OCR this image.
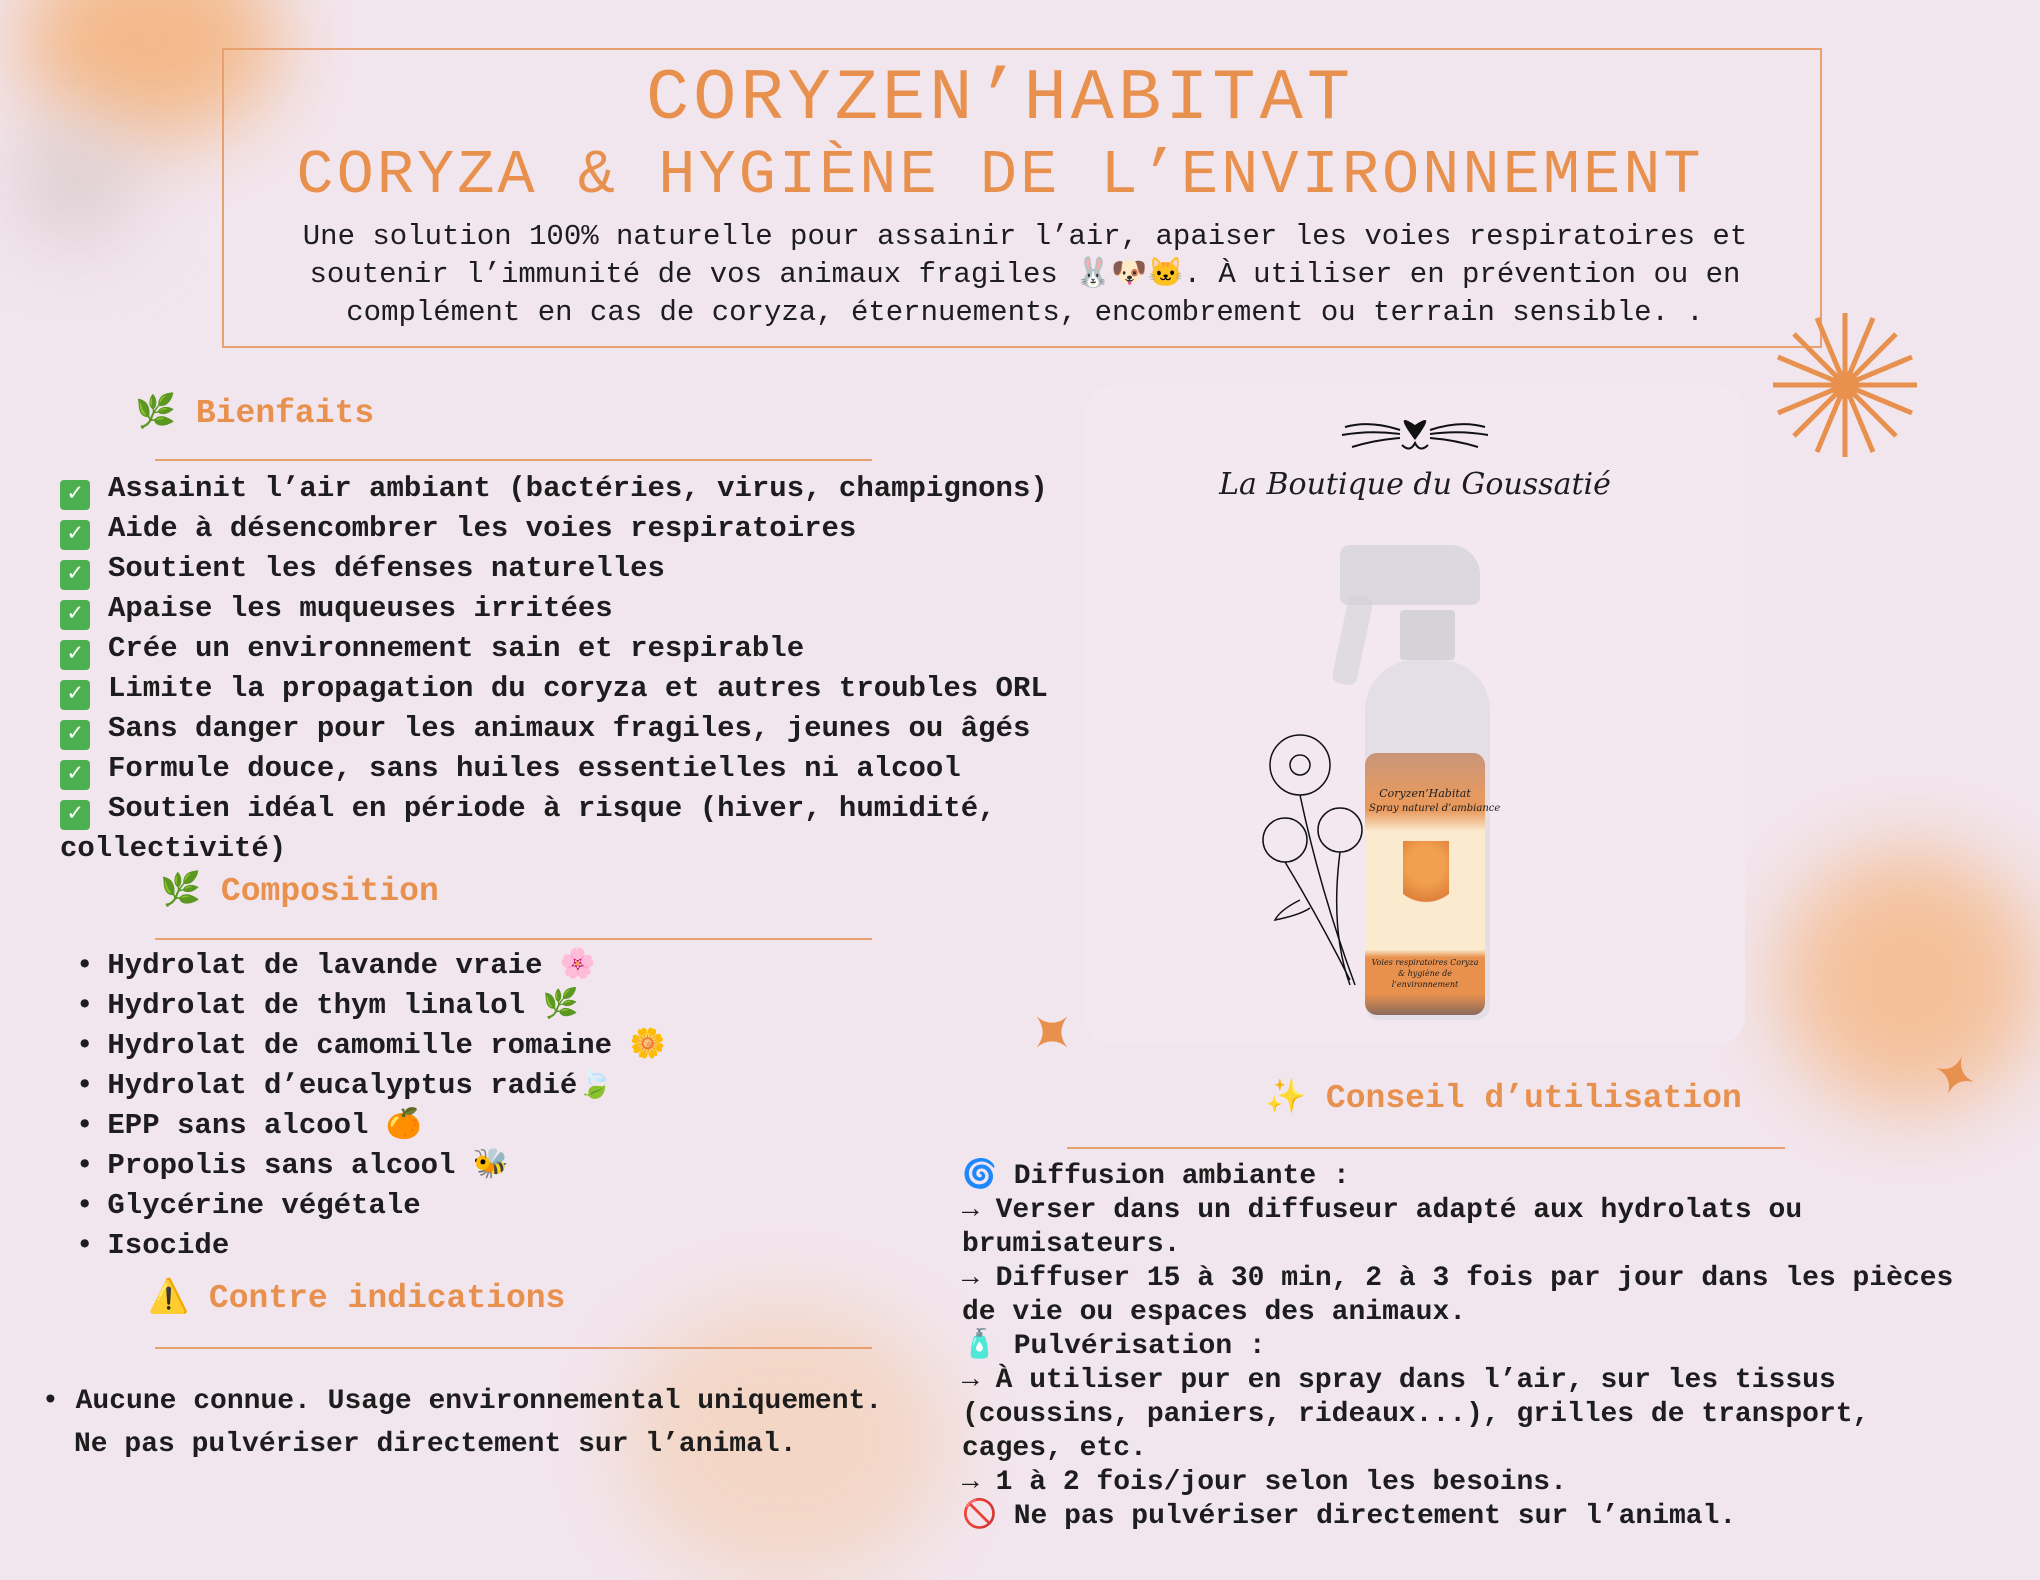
CORYZEN’HABITAT
CORYZA & HYGIÈNE DE L’ENVIRONNEMENT
Une solution 100% naturelle pour assainir l’air, apaiser les voies respiratoires et
soutenir l’immunité de vos animaux fragiles 🐰🐶🐱. À utiliser en prévention ou en
complément en cas de coryza, éternuements, encombrement ou terrain sensible. .
🌿 Bienfaits
✓ Assainit l’air ambiant (bactéries, virus, champignons)
✓ Aide à désencombrer les voies respiratoires
✓ Soutient les défenses naturelles
✓ Apaise les muqueuses irritées
✓ Crée un environnement sain et respirable
✓ Limite la propagation du coryza et autres troubles ORL
✓ Sans danger pour les animaux fragiles, jeunes ou âgés
✓ Formule douce, sans huiles essentielles ni alcool
✓ Soutien idéal en période à risque (hiver, humidité,
collectivité)
🌿 Composition
• Hydrolat de lavande vraie 🌸
• Hydrolat de thym linalol 🌿
• Hydrolat de camomille romaine 🌼
• Hydrolat d’eucalyptus radié🍃
• EPP sans alcool 🍊
• Propolis sans alcool 🐝
• Glycérine végétale
• Isocide
⚠️ Contre indications
• Aucune connue. Usage environnemental uniquement.
Ne pas pulvériser directement sur l’animal.
La Boutique du Goussatié
Coryzen’Habitat
Spray naturel d’ambiance
Voies respiratoires Coryza & hygiène de l’environnement
✨ Conseil d’utilisation
🌀 Diffusion ambiante :
→ Verser dans un diffuseur adapté aux hydrolats ou
brumisateurs.
→ Diffuser 15 à 30 min, 2 à 3 fois par jour dans les pièces
de vie ou espaces des animaux.
🧴 Pulvérisation :
→ À utiliser pur en spray dans l’air, sur les tissus
(coussins, paniers, rideaux...), grilles de transport,
cages, etc.
→ 1 à 2 fois/jour selon les besoins.
🚫 Ne pas pulvériser directement sur l’animal.
